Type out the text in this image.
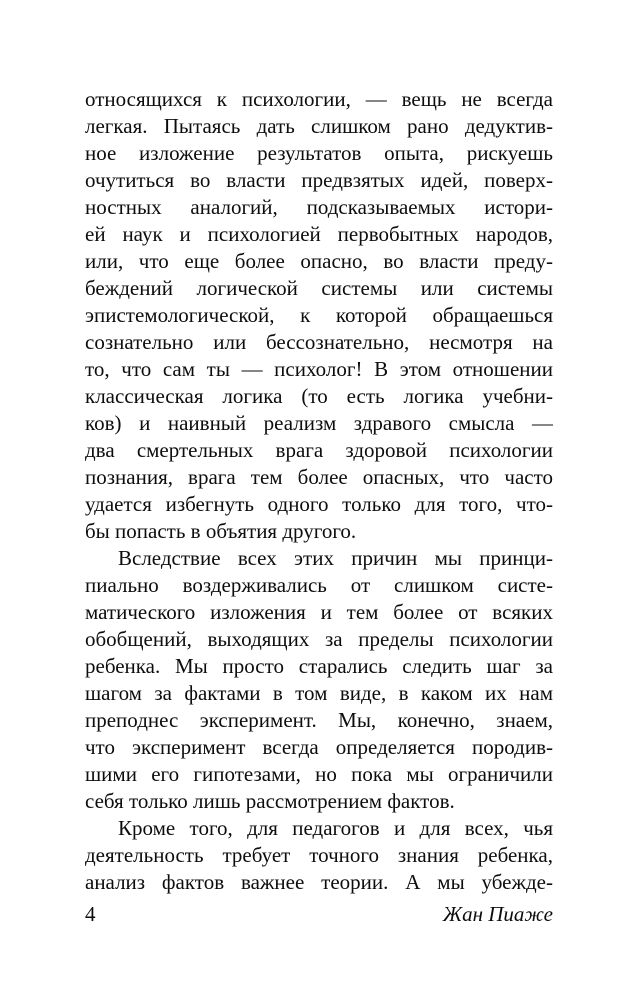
относящихся к психологии, — вещь не всегда
легкая. Пытаясь дать слишком рано дедуктив-
ное изложение результатов опыта, рискуешь
очутиться во власти предвзятых идей, поверх-
ностных аналогий, подсказываемых истори-
ей наук и психологией первобытных народов,
или, что еще более опасно, во власти преду-
беждений логической системы или системы
эпистемологической, к которой обращаешься
сознательно или бессознательно, несмотря на
то, что сам ты — психолог! В этом отношении
классическая логика (то есть логика учебни-
ков) и наивный реализм здравого смысла —
два смертельных врага здоровой психологии
познания, врага тем более опасных, что часто
удается избегнуть одного только для того, что-
бы попасть в объятия другого.
Вследствие всех этих причин мы принци-
пиально воздерживались от слишком систе-
матического изложения и тем более от всяких
обобщений, выходящих за пределы психологии
ребенка. Мы просто старались следить шаг за
шагом за фактами в том виде, в каком их нам
преподнес эксперимент. Мы, конечно, знаем,
что эксперимент всегда определяется породив-
шими его гипотезами, но пока мы ограничили
себя только лишь рассмотрением фактов.
Кроме того, для педагогов и для всех, чья
деятельность требует точного знания ребенка,
анализ фактов важнее теории. А мы убежде-
4	Жан Пиаже
